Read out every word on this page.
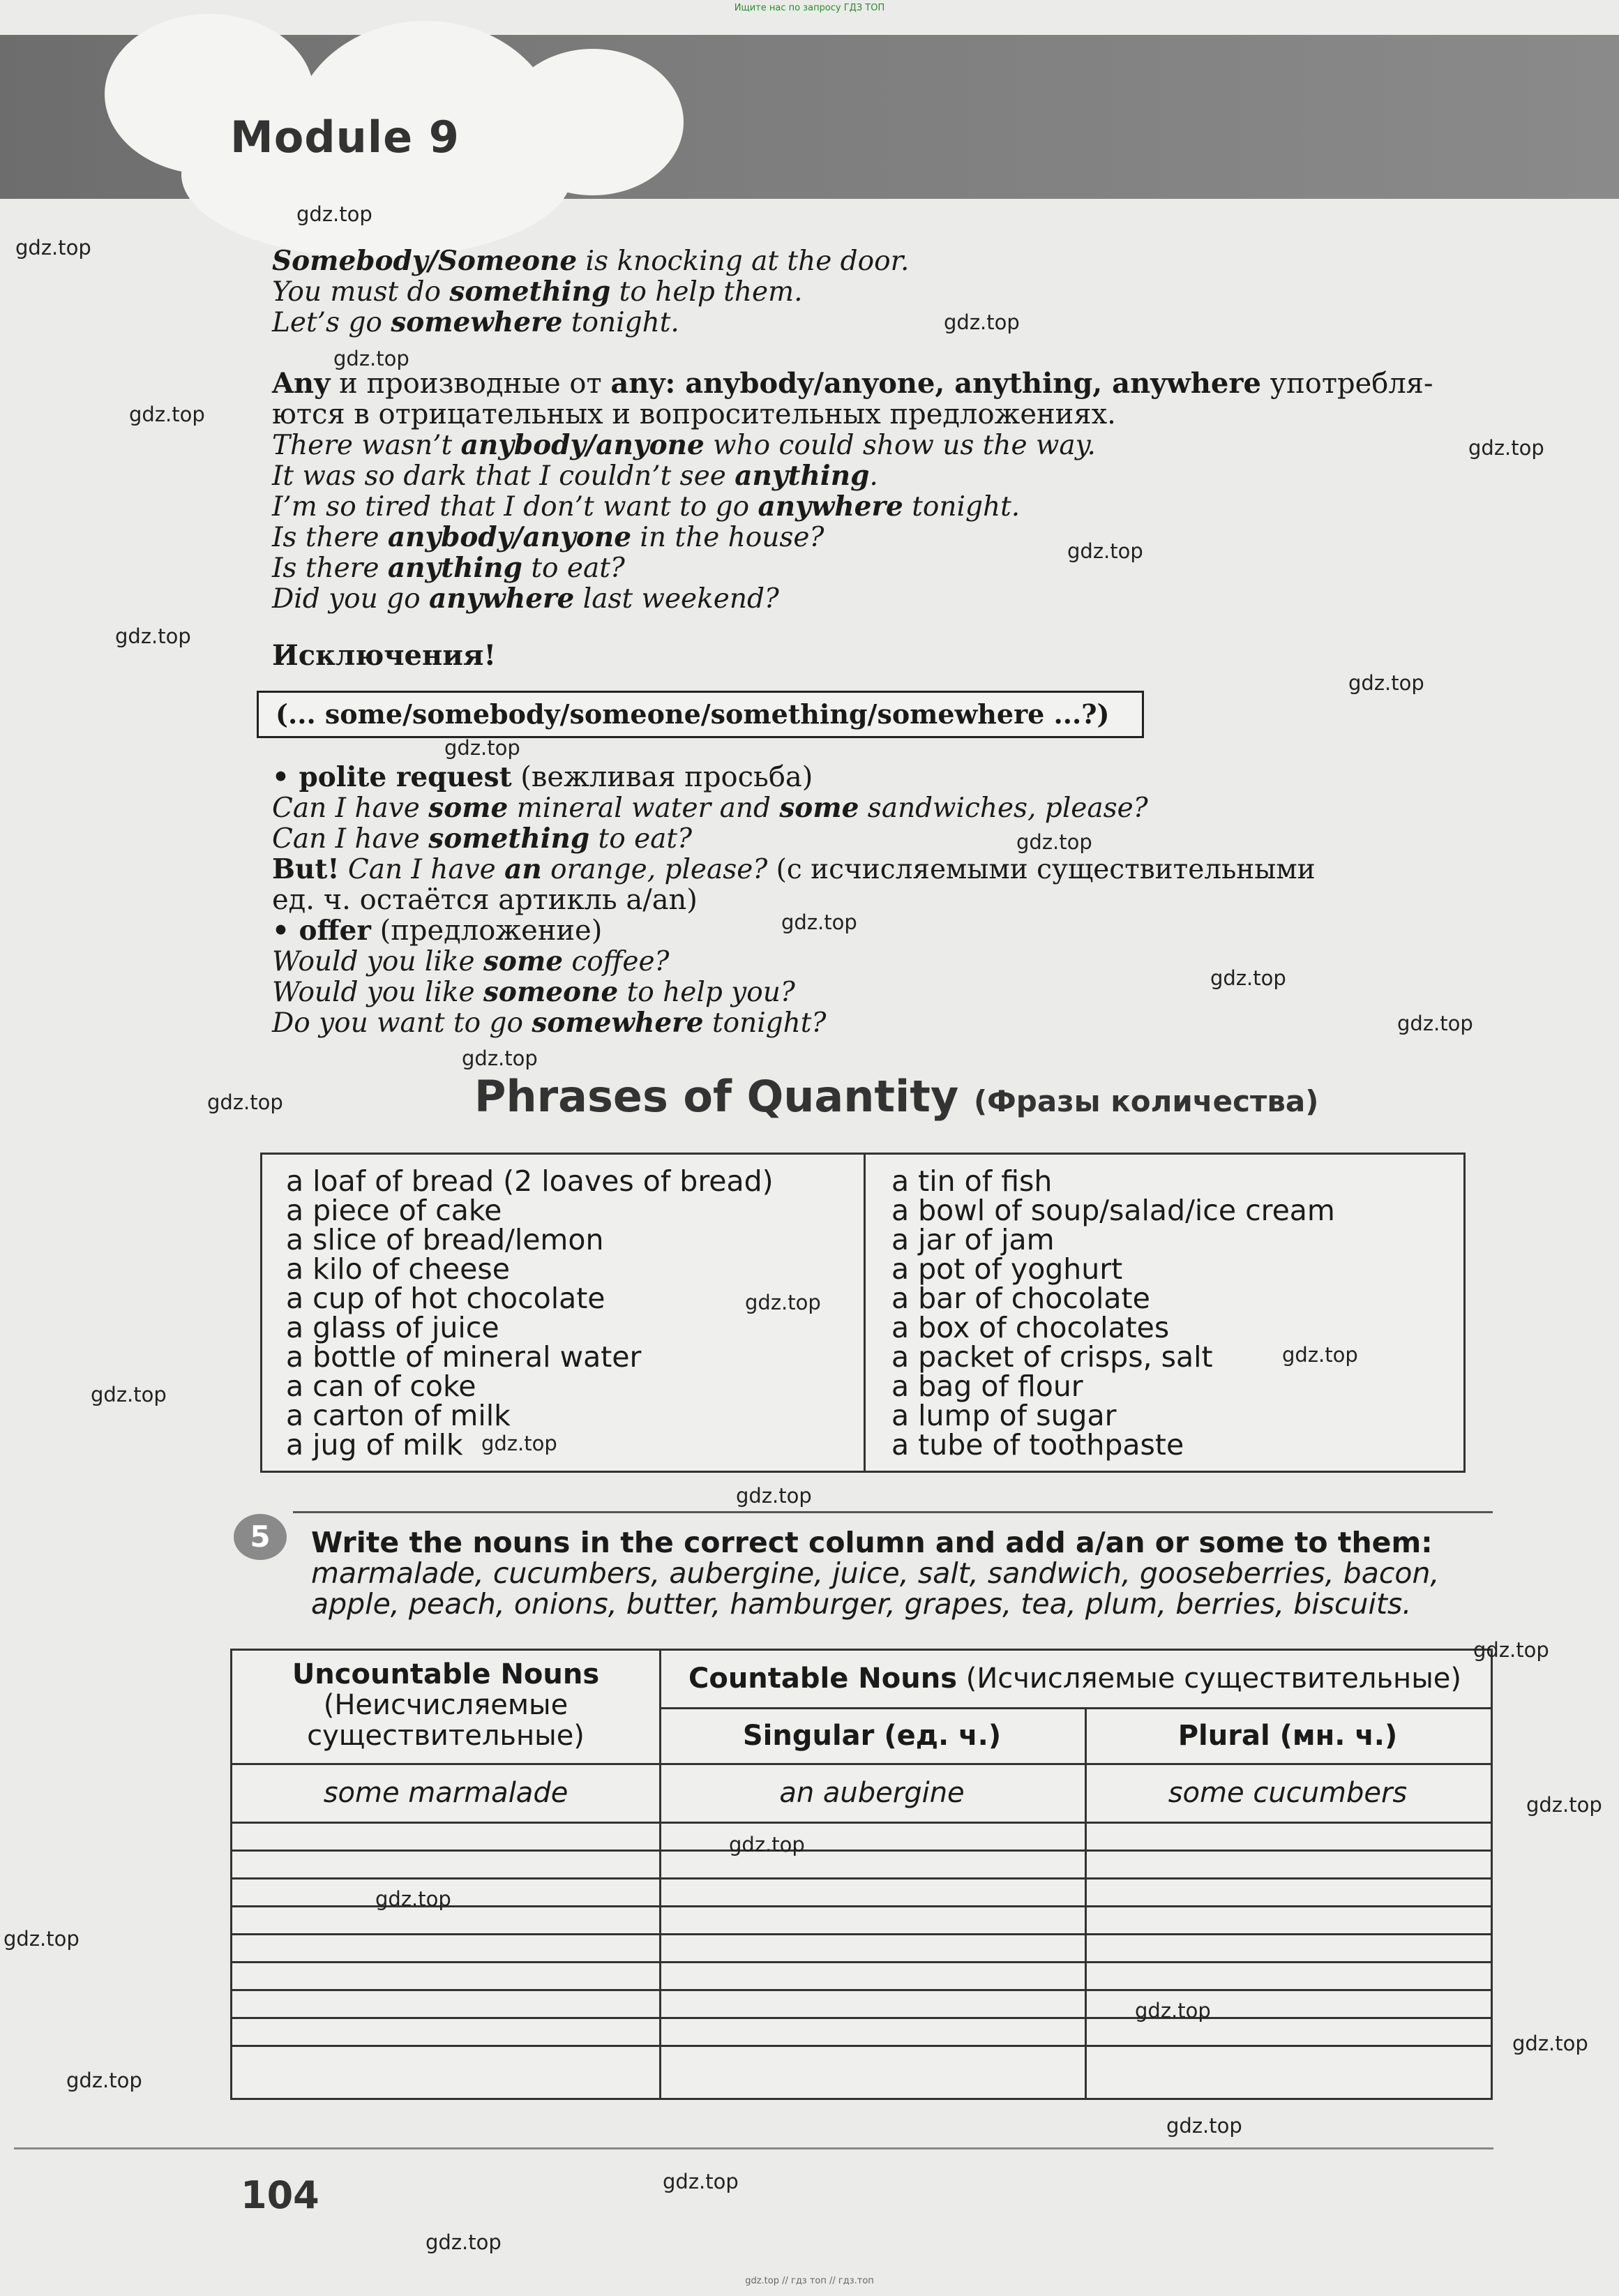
Ищите нас по запросу ГДЗ ТОП
Module 9
Somebody/Someone is knocking at the door.
You must do something to help them.
Let’s go somewhere tonight.
Any и производные от any: anybody/anyone, anything, anywhere употребля-
ются в отрицательных и вопросительных предложениях.
There wasn’t anybody/anyone who could show us the way.
It was so dark that I couldn’t see anything.
I’m so tired that I don’t want to go anywhere tonight.
Is there anybody/anyone in the house?
Is there anything to eat?
Did you go anywhere last weekend?
Исключения!
(... some/somebody/someone/something/somewhere ...?)
• polite request (вежливая просьба)
Can I have some mineral water and some sandwiches, please?
Can I have something to eat?
But! Can I have an orange, please? (с исчисляемыми существительными
ед. ч. остаётся артикль a/an)
• offer (предложение)
Would you like some coffee?
Would you like someone to help you?
Do you want to go somewhere tonight?
Phrases of Quantity (Фразы количества)
a loaf of bread (2 loaves of bread)
a piece of cake
a slice of bread/lemon
a kilo of cheese
a cup of hot chocolate
a glass of juice
a bottle of mineral water
a can of coke
a carton of milk
a jug of milk
a tin of fish
a bowl of soup/salad/ice cream
a jar of jam
a pot of yoghurt
a bar of chocolate
a box of chocolates
a packet of crisps, salt
a bag of flour
a lump of sugar
a tube of toothpaste
5	Write the nouns in the correct column and add a/an or some to them:
marmalade, cucumbers, aubergine, juice, salt, sandwich, gooseberries, bacon,
apple, peach, onions, butter, hamburger, grapes, tea, plum, berries, biscuits.
Uncountable Nouns
(Неисчисляемые
существительные)
Countable Nouns (Исчисляемые существительные)
Singular (ед. ч.)	Plural (мн. ч.)
some marmalade	an aubergine	some cucumbers
104
gdz.top // гдз топ // гдз.топ
gdz.top
gdz.top
gdz.top
gdz.top
gdz.top
gdz.top
gdz.top
gdz.top
gdz.top
gdz.top
gdz.top
gdz.top
gdz.top
gdz.top
gdz.top
gdz.top
gdz.top
gdz.top
gdz.top
gdz.top
gdz.top
gdz.top
gdz.top
gdz.top
gdz.top
gdz.top
gdz.top
gdz.top
gdz.top
gdz.top
gdz.top
gdz.top
